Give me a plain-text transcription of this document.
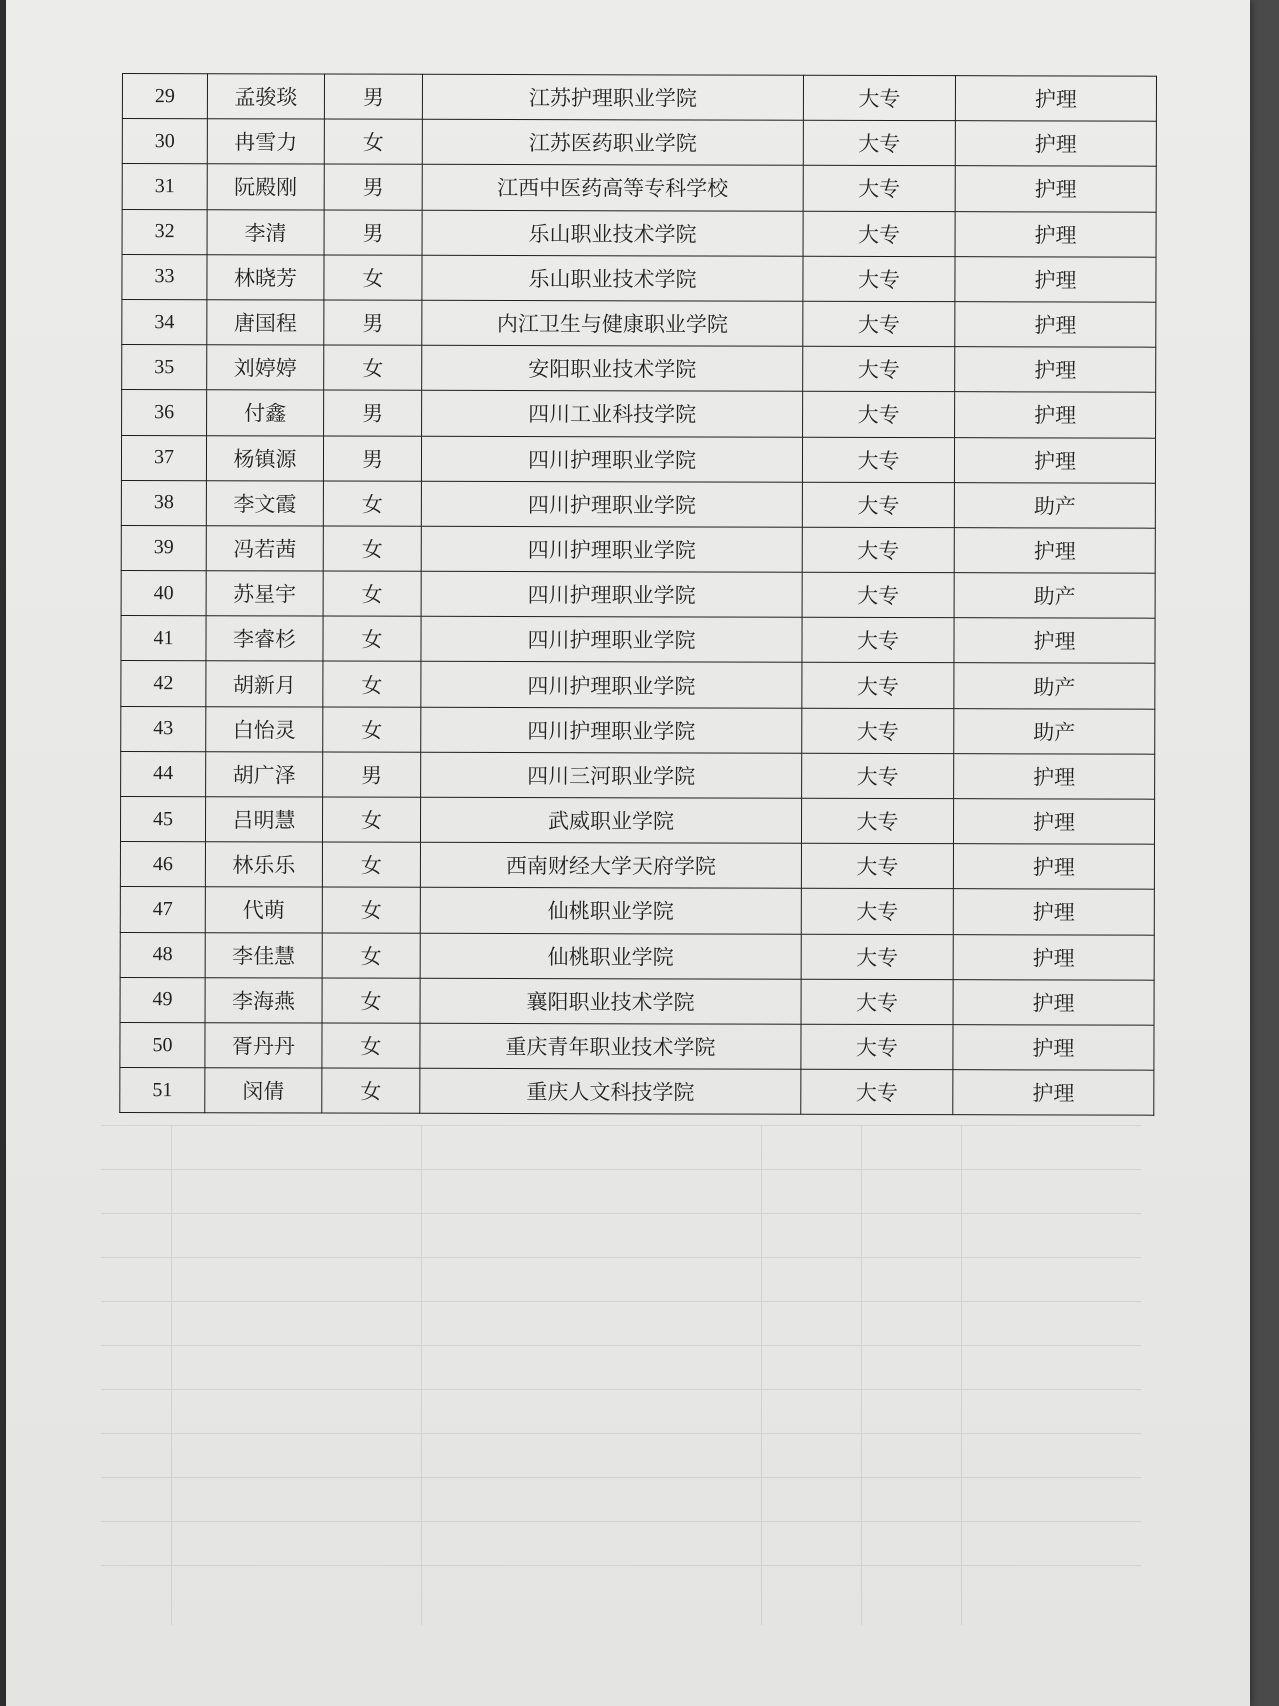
29	孟骏琰	男	江苏护理职业学院	大专	护理
30	冉雪力	女	江苏医药职业学院	大专	护理
31	阮殿刚	男	江西中医药高等专科学校	大专	护理
32	李清	男	乐山职业技术学院	大专	护理
33	林晓芳	女	乐山职业技术学院	大专	护理
34	唐国程	男	内江卫生与健康职业学院	大专	护理
35	刘婷婷	女	安阳职业技术学院	大专	护理
36	付鑫	男	四川工业科技学院	大专	护理
37	杨镇源	男	四川护理职业学院	大专	护理
38	李文霞	女	四川护理职业学院	大专	助产
39	冯若茜	女	四川护理职业学院	大专	护理
40	苏星宇	女	四川护理职业学院	大专	助产
41	李睿杉	女	四川护理职业学院	大专	护理
42	胡新月	女	四川护理职业学院	大专	助产
43	白怡灵	女	四川护理职业学院	大专	助产
44	胡广泽	男	四川三河职业学院	大专	护理
45	吕明慧	女	武威职业学院	大专	护理
46	林乐乐	女	西南财经大学天府学院	大专	护理
47	代萌	女	仙桃职业学院	大专	护理
48	李佳慧	女	仙桃职业学院	大专	护理
49	李海燕	女	襄阳职业技术学院	大专	护理
50	胥丹丹	女	重庆青年职业技术学院	大专	护理
51	闵倩	女	重庆人文科技学院	大专	护理
